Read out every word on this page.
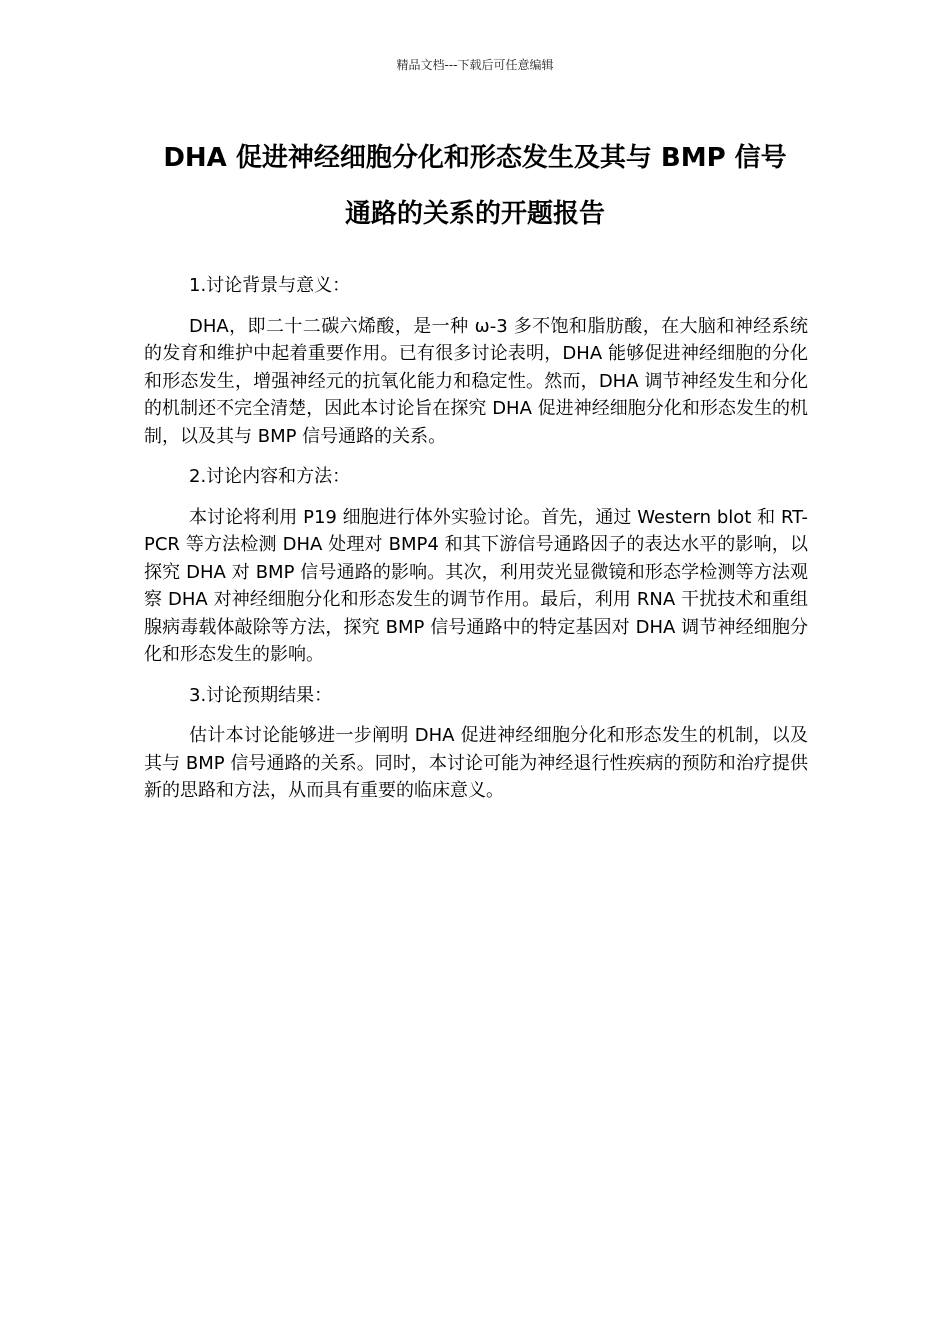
精品文档---下载后可任意编辑
DHA 促进神经细胞分化和形态发生及其与 BMP 信号
通路的关系的开题报告

1.讨论背景与意义：

DHA，即二十二碳六烯酸，是一种 ω-3 多不饱和脂肪酸，在大脑和神经系统的发育和维护中起着重要作用。已有很多讨论表明，DHA 能够促进神经细胞的分化和形态发生，增强神经元的抗氧化能力和稳定性。然而，DHA 调节神经发生和分化的机制还不完全清楚，因此本讨论旨在探究 DHA 促进神经细胞分化和形态发生的机制，以及其与 BMP 信号通路的关系。

2.讨论内容和方法：

本讨论将利用 P19 细胞进行体外实验讨论。首先，通过 Western blot 和 RT-PCR 等方法检测 DHA 处理对 BMP4 和其下游信号通路因子的表达水平的影响，以探究 DHA 对 BMP 信号通路的影响。其次，利用荧光显微镜和形态学检测等方法观察 DHA 对神经细胞分化和形态发生的调节作用。最后，利用 RNA 干扰技术和重组腺病毒载体敲除等方法，探究 BMP 信号通路中的特定基因对 DHA 调节神经细胞分化和形态发生的影响。

3.讨论预期结果：

估计本讨论能够进一步阐明 DHA 促进神经细胞分化和形态发生的机制，以及其与 BMP 信号通路的关系。同时，本讨论可能为神经退行性疾病的预防和治疗提供新的思路和方法，从而具有重要的临床意义。
